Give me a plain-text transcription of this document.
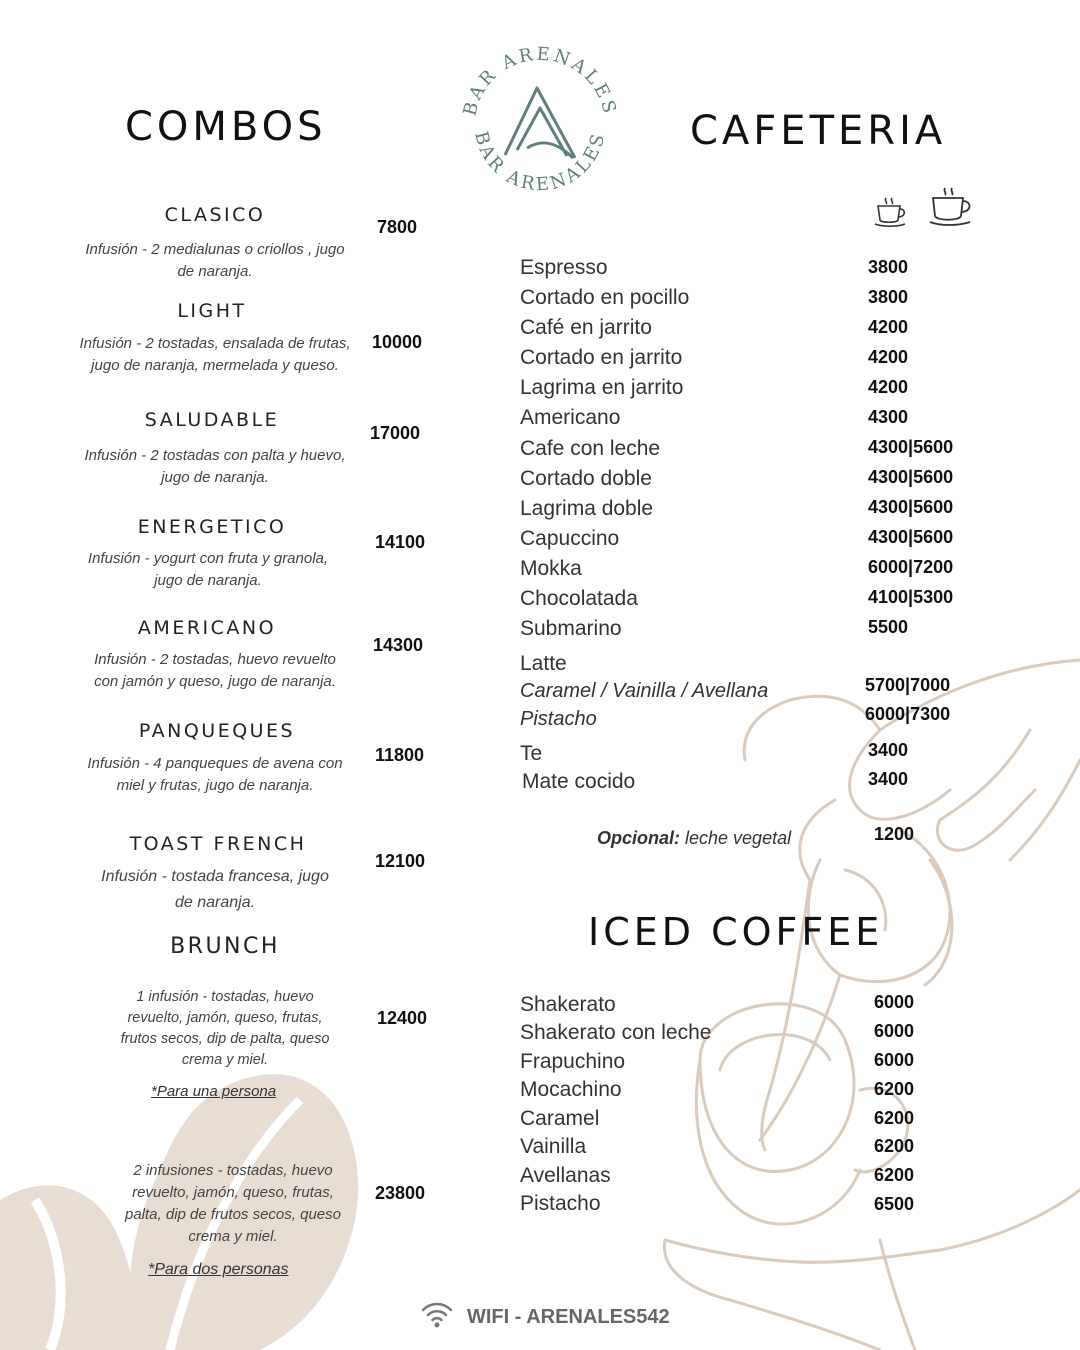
BAR ARENALES
BAR ARENALES
COMBOS
CLASICO
Infusión - 2 medialunas o criollos , jugo
de naranja.
7800
LIGHT
Infusión - 2 tostadas, ensalada de frutas,
jugo de naranja, mermelada y queso.
10000
SALUDABLE
Infusión - 2 tostadas con palta y huevo,
jugo de naranja.
17000
ENERGETICO
Infusión - yogurt con fruta y granola,
jugo de naranja.
14100
AMERICANO
Infusión - 2 tostadas, huevo revuelto
con jamón y queso, jugo de naranja.
14300
PANQUEQUES
Infusión - 4 panqueques de avena con
miel y frutas, jugo de naranja.
11800
TOAST FRENCH
Infusión - tostada francesa, jugo
de naranja.
12100
BRUNCH
1 infusión - tostadas, huevo
revuelto, jamón, queso, frutas,
frutos secos, dip de palta, queso
crema y miel.
*Para una persona
12400
2 infusiones - tostadas, huevo
revuelto, jamón, queso, frutas,
palta, dip de frutos secos, queso
crema y miel.
*Para dos personas
23800
CAFETERIA
Espresso	3800
Cortado en pocillo	3800
Café en jarrito	4200
Cortado en jarrito	4200
Lagrima en jarrito	4200
Americano	4300
Cafe con leche	4300|5600
Cortado doble	4300|5600
Lagrima doble	4300|5600
Capuccino	4300|5600
Mokka	6000|7200
Chocolatada	4100|5300
Submarino	5500
Latte
Caramel / Vainilla / Avellana	5700|7000
Pistacho	6000|7300
Te	3400
Mate cocido	3400
Opcional: leche vegetal	1200
ICED COFFEE
Shakerato	6000
Shakerato con leche	6000
Frapuchino	6000
Mocachino	6200
Caramel	6200
Vainilla	6200
Avellanas	6200
Pistacho	6500
WIFI - ARENALES542
